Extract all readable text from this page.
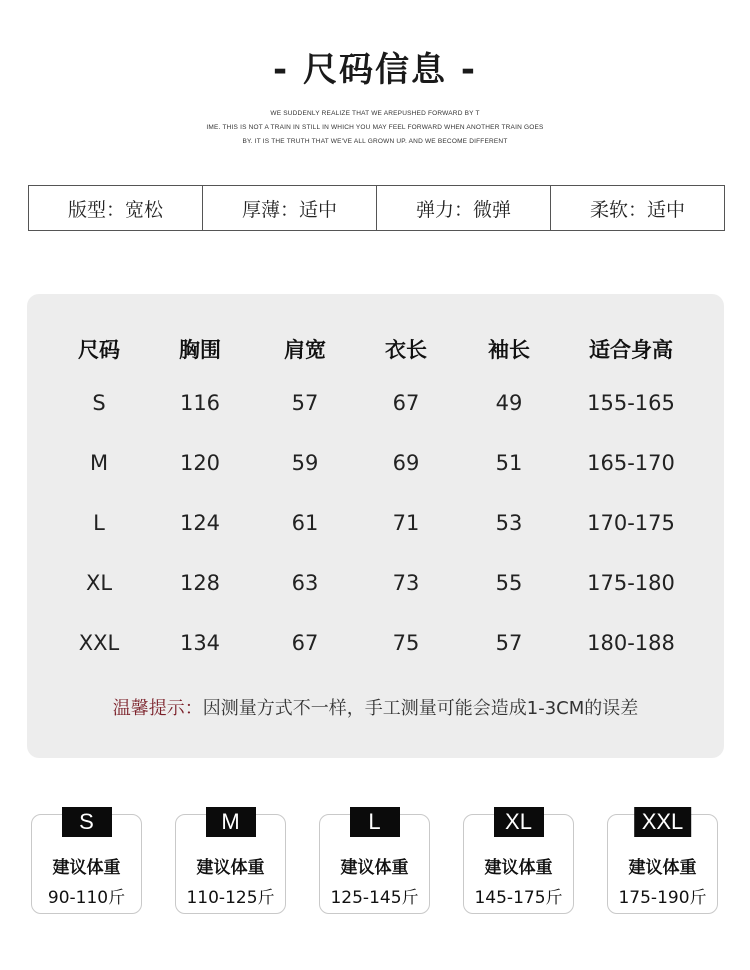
- 尺码信息 -
WE SUDDENLY REALIZE THAT WE AREPUSHED FORWARD BY T
IME. THIS IS NOT A TRAIN IN STILL IN WHICH YOU MAY FEEL FORWARD WHEN ANOTHER TRAIN GOES
BY. IT IS THE TRUTH THAT WE'VE ALL GROWN UP. AND WE BECOME DIFFERENT
版型：宽松	厚薄：适中	弹力：微弹	柔软：适中
尺码	胸围	肩宽	衣长	袖长	适合身高
S	116	57	67	49	155-165
M	120	59	69	51	165-170
L	124	61	71	53	170-175
XL	128	63	73	55	175-180
XXL	134	67	75	57	180-188
温馨提示：因测量方式不一样，手工测量可能会造成1-3CM的误差
S
建议体重
90-110斤
M
建议体重
110-125斤
L
建议体重
125-145斤
XL
建议体重
145-175斤
XXL
建议体重
175-190斤
